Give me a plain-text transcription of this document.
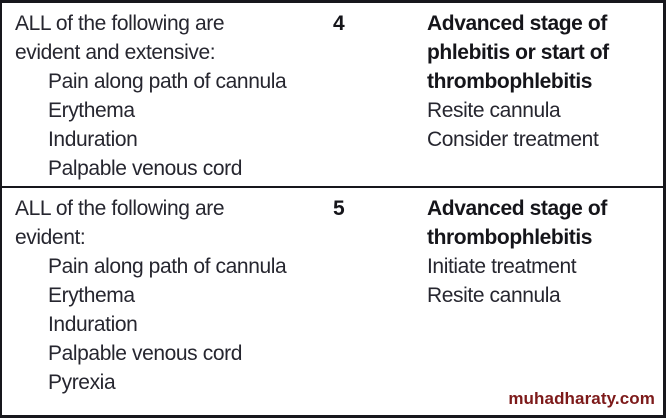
ALL of the following are
evident and extensive:
Pain along path of cannula
Erythema
Induration
Palpable venous cord
4	Advanced stage of
phlebitis or start of
thrombophlebitis
Resite cannula
Consider treatment
ALL of the following are
evident:
Pain along path of cannula
Erythema
Induration
Palpable venous cord
Pyrexia
5	Advanced stage of
thrombophlebitis
Initiate treatment
Resite cannula
muhadharaty.com
